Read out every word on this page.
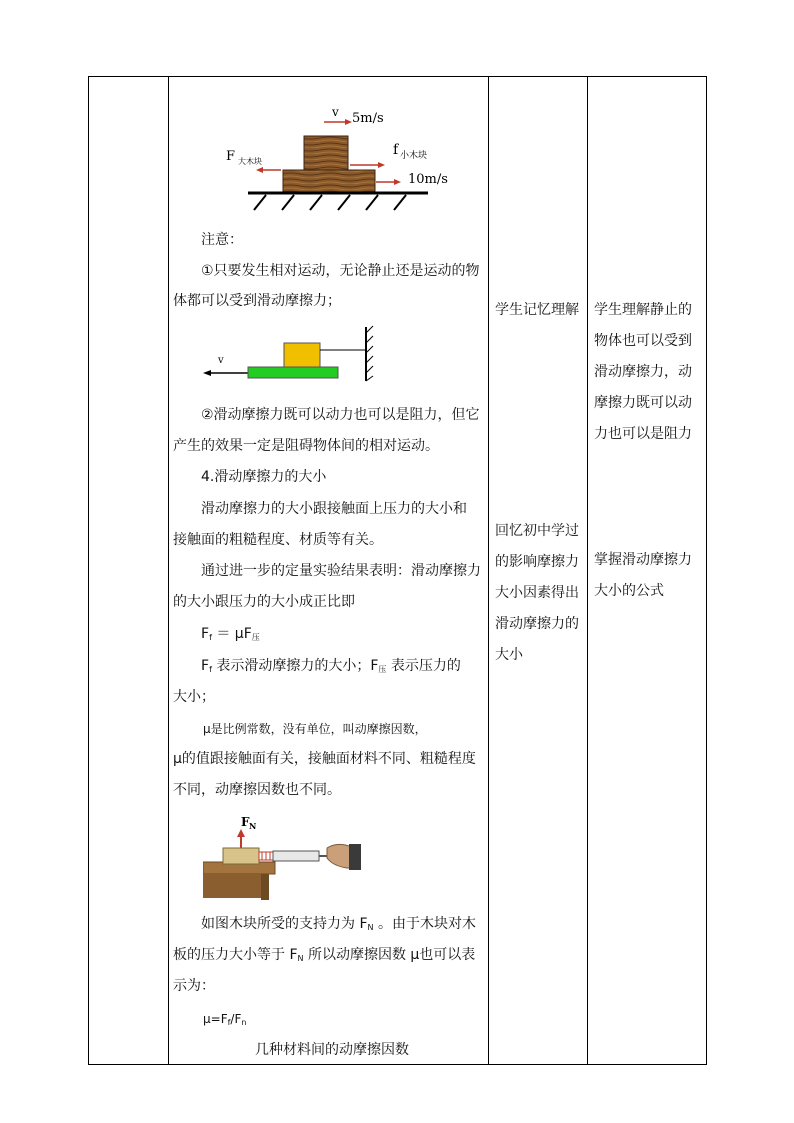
v 5m/s
F 大木块
f 小木块
10m/s
注意：
①只要发生相对运动，无论静止还是运动的物
体都可以受到滑动摩擦力；
v
②滑动摩擦力既可以动力也可以是阻力，但它
产生的效果一定是阻碍物体间的相对运动。
4.滑动摩擦力的大小
滑动摩擦力的大小跟接触面上压力的大小和
接触面的粗糙程度、材质等有关。
通过进一步的定量实验结果表明：滑动摩擦力
的大小跟压力的大小成正比即
$F_f = \mu F_压$
$F_f$ 表示滑动摩擦力的大小；$F_压$ 表示压力的
大小；
μ是比例常数，没有单位，叫动摩擦因数，
μ的值跟接触面有关，接触面材料不同、粗糙程度
不同，动摩擦因数也不同。
F N
如图木块所受的支持力为 $F_N$ 。由于木块对木
板的压力大小等于 $F_N$ 所以动摩擦因数 μ也可以表
示为：
$\mu=F_f/F_n$
几种材料间的动摩擦因数
学生记忆理解
回忆初中学过
的影响摩擦力
大小因素得出
滑动摩擦力的
大小
学生理解静止的
物体也可以受到
滑动摩擦力，动
摩擦力既可以动
力也可以是阻力
掌握滑动摩擦力
大小的公式
